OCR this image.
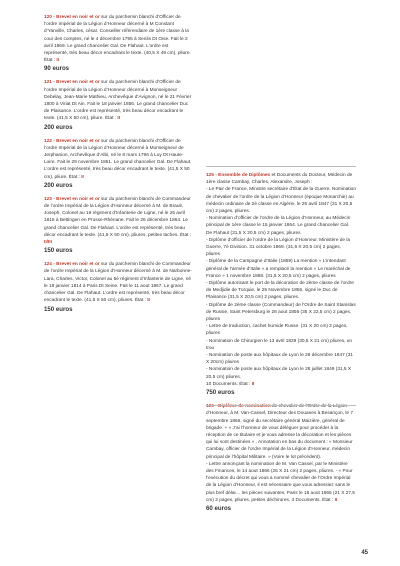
120 - Brevet en noir et or sur du parchemin blanchi d’Officier de l’ordre Impérial de la Légion d’Honneur décerné à M Constant d’Yanville, Charles, césar. Conseiller référendaire de 1ère classe à la cour des comptes, né le 4 décembre 1795 à Senlis Dt Oise. Fait le 2 avril 1869. Le grand chancelier Gal. De Flahaut. L’ordre est représenté, très beau décor encadrant le texte. (40,5 X 49 cm), pliure. État : II

90 euros

121 - Brevet en noir et or sur du parchemin blanchi d’Officier de l’ordre Impérial de la Légion d’Honneur décerné à Monseigneur Debelay, Jean-Marie Mathieu, Archevêque d’Avignon, né le 21 Février 1800 à Viriat Dt Ain. Fait le 18 janvier 1856. Le grand chancelier Duc de Plaisance. L’ordre est représenté, très beau décor encadrant le texte. (41,5 X 50 cm), pliure. État : II

200 euros

122 - Brevet en noir et or sur du parchemin blanchi d’Officier de l’ordre Impérial de la Légion d’Honneur décerné à Monseigneur de Jerphanion, Archevêque d’Albi, né le 8 mars 1796 à Luy Dt Haute-Loire. Fait le 29 novembre 1861. Le grand chancelier Gal. De Flahaut. L’ordre est représenté, très beau décor encadrant le texte. (41,5 X 50 cm), pliure. État : II

200 euros

123 - Brevet en noir et or sur du parchemin blanchi de Commandeur de l’ordre Impérial de la Légion d’Honneur décerné à M. de Braulr, Joseph, Colonel au 19 régiment d’Infanterie de Ligne, né le 25 avril 1815 à Bettingen en Prusse-Rhénane. Fait le 26 décembre 1864. Le grand chancelier Gal. De Flahaut. L’ordre est représenté, très beau décor encadrant le texte. (41,5 X 50 cm), pliures, petites taches. État : II/III

150 euros

124 - Brevet en noir et or sur du parchemin blanchi de Commandeur de l’ordre Impérial de la Légion d’Honneur décerné à M. de Narbonne-Lara, Charles, Victor, Colonel au 5è régiment d’Infanterie de Ligne, né le 18 janvier 1814 à Paris Dt Seine. Fait le 11 aout 1867. Le grand chancelier Gal. De Flahaut. L’ordre est représenté, très beau décor encadrant le texte. (41,5 X 50 cm), pliures. État : II

150 euros

125 - Ensemble de Diplômes et Documents du Docteur, Médecin de 1ère classe Cambay, Charles, Alexandre, Joseph :

- Le Pair de France, Ministre secrétaire d’État de la Guerre, Nomination de chevalier de l’ordre de la Légion d’Honneur (époque Monarchie) au médecin ordinaire de 2è classe en Algérie, le 26 avril 1847 (31 X 20,5 cm) 2 pages, pliures.

- Nomination d’officier de l’ordre de la Légion d’Honneur, au Médecin principal de 1ère classe le 15 janvier 1864. Le grand chancelier Gal. De Flahaut (31,5 X 20,5 cm) 2 pages, pliures

- Diplôme d’officier de l’ordre de la Légion d’Honneur. Ministère de la Guerre, 7è Division. 31 octobre 1869. (31,5 X 20,5 cm) 2 pages, pliures

- Diplôme de la Campagne d’Italie (1859) La mention « L’intendant général de l’armée d’Italie » a remplacé la mention « Le maréchal de France » 1 novembre 1859. (31,5 X 20,5 cm) 2 pages, pliures

- Diplôme autorisant le port de la décoration de 2ème classe de l’ordre de Medjidie de Turquie, le 25 Novembre 1856, signé le Duc de Plaisance (31,5 X 20,5 cm) 2 pages, pliures.

- Diplôme de 2ème classe (Commandeur) de l’Ordre de Saint Stanislas de Russie, Saint Petersburg le 28 aout 1856 (35 X 22,5 cm) 2 pages, pliures

- Lettre de traduction, cachet humide Russe. (31 X 20 cm) 2 pages, pliures

- Nomination de Chirurgien le 13 avril 1829 (30,5 X 21 cm) pliures, un trou

- Nomination de poste aux hôpitaux de Lyon le 28 décembre 1847 (31 X 20cm) pliures

- Nomination de poste aux hôpitaux de Lyon le 28 juillet 1849 (31,5 X 20,5 cm) pliures.

10 Documents. État : II

750 euros

126 - Diplôme de nomination de chevalier de l’Ordre de la Légion d’Honneur, à M. Van-Cassel, Directeur des Douanes à Besançon, le 7 septembre 1866, signé du secrétaire général Maizière, général de brigade. + « J’ai l’honneur de vous déléguer pour procéder à la réception de ce titulaire et je vous adresse la décoration et les pièces qui lui sont destinées » . Annotation en bas du document : « Monsieur Cambay, officier de l’ordre Impérial de la Légion d’Honneur, médecin principal de l’hôpital Militaire. » (Voire le lot précédent).

- Lettre annonçant la nomination de M. Van Cassel, par le Ministère des Finances, le 14 aout 1866 (26 X 21 cm) 2 pages, pliures. - « Pour l’exécution du décret qui vous a nommé chevalier de l’Ordre Impérial de la Légion d’Honneur, il est nécessaire que vous adressiez sans le plus bref délai… les pièces suivantes, Paris le 18 aout 1866 (21 X 27,5 cm) 2 pages, pliures, petites déchirures. 3 Documents. État : II

60 euros
45
